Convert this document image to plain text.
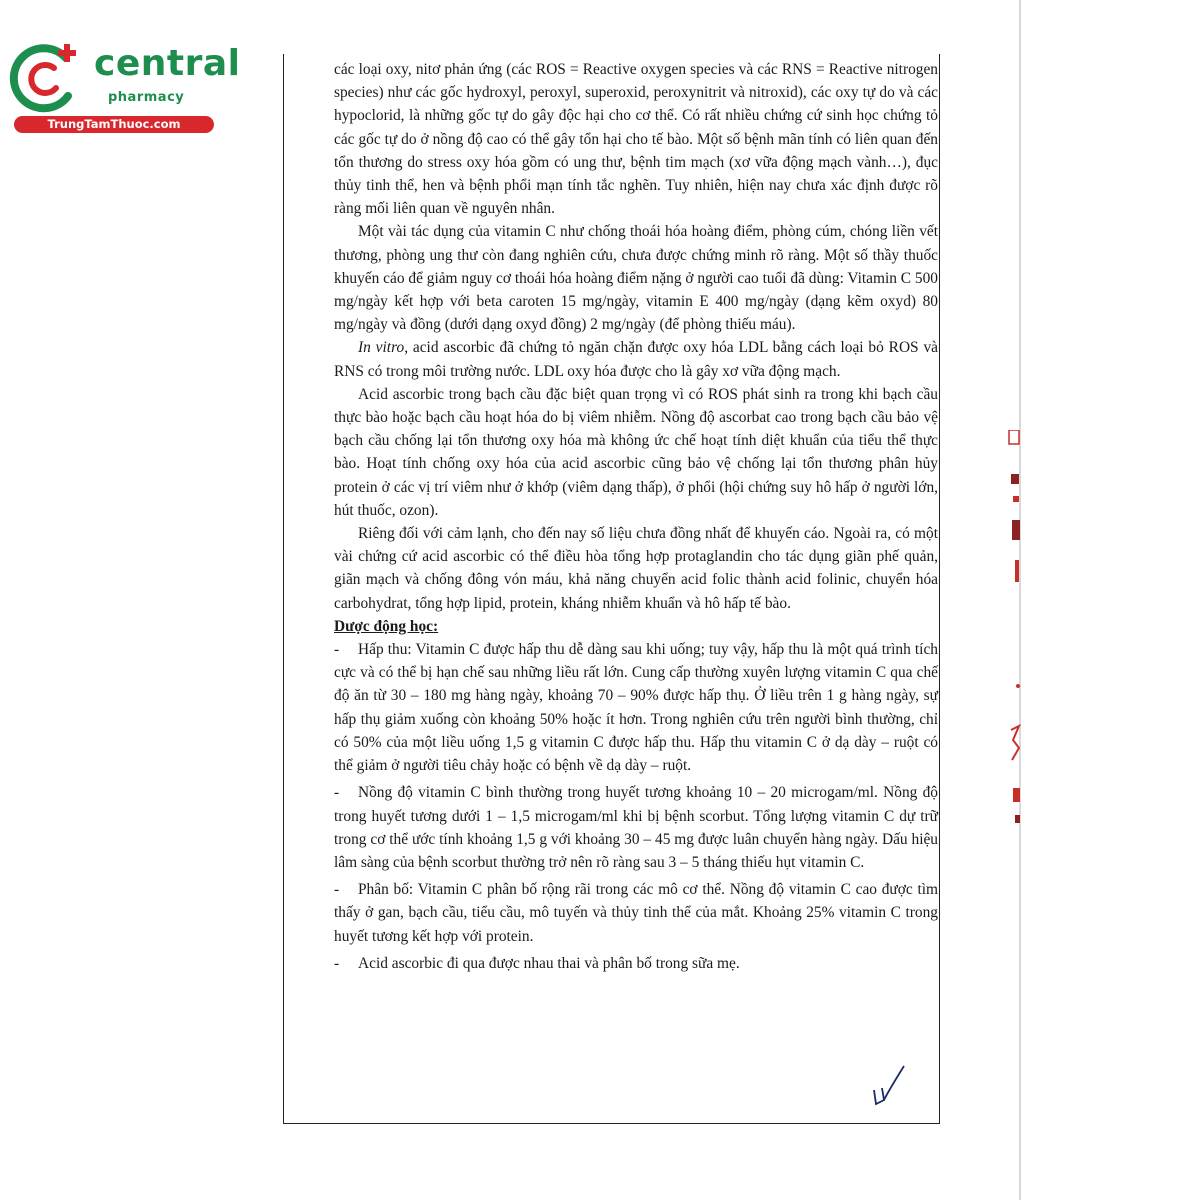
central
pharmacy
TrungTamThuoc.com

các loại oxy, nitơ phản ứng (các ROS = Reactive oxygen species và các RNS = Reactive nitrogen species) như các gốc hydroxyl, peroxyl, superoxid, peroxynitrit và nitroxid), các oxy tự do và các hypoclorid, là những gốc tự do gây độc hại cho cơ thể. Có rất nhiều chứng cứ sinh học chứng tỏ các gốc tự do ở nồng độ cao có thể gây tổn hại cho tế bào. Một số bệnh mãn tính có liên quan đến tổn thương do stress oxy hóa gồm có ung thư, bệnh tim mạch (xơ vữa động mạch vành…), đục thủy tinh thể, hen và bệnh phổi mạn tính tắc nghẽn. Tuy nhiên, hiện nay chưa xác định được rõ ràng mối liên quan về nguyên nhân.

Một vài tác dụng của vitamin C như chống thoái hóa hoàng điểm, phòng cúm, chóng liền vết thương, phòng ung thư còn đang nghiên cứu, chưa được chứng minh rõ ràng. Một số thầy thuốc khuyến cáo để giảm nguy cơ thoái hóa hoàng điểm nặng ở người cao tuổi đã dùng: Vitamin C 500 mg/ngày kết hợp với beta caroten 15 mg/ngày, vitamin E 400 mg/ngày (dạng kẽm oxyd) 80 mg/ngày và đồng (dưới dạng oxyd đồng) 2 mg/ngày (để phòng thiếu máu).

In vitro, acid ascorbic đã chứng tỏ ngăn chặn được oxy hóa LDL bằng cách loại bỏ ROS và RNS có trong môi trường nước. LDL oxy hóa được cho là gây xơ vữa động mạch.

Acid ascorbic trong bạch cầu đặc biệt quan trọng vì có ROS phát sinh ra trong khi bạch cầu thực bào hoặc bạch cầu hoạt hóa do bị viêm nhiễm. Nồng độ ascorbat cao trong bạch cầu bảo vệ bạch cầu chống lại tổn thương oxy hóa mà không ức chế hoạt tính diệt khuẩn của tiểu thể thực bào. Hoạt tính chống oxy hóa của acid ascorbic cũng bảo vệ chống lại tổn thương phân hủy protein ở các vị trí viêm như ở khớp (viêm dạng thấp), ở phổi (hội chứng suy hô hấp ở người lớn, hút thuốc, ozon).

Riêng đối với cảm lạnh, cho đến nay số liệu chưa đồng nhất để khuyến cáo. Ngoài ra, có một vài chứng cứ acid ascorbic có thể điều hòa tổng hợp protaglandin cho tác dụng giãn phế quản, giãn mạch và chống đông vón máu, khả năng chuyển acid folic thành acid folinic, chuyển hóa carbohydrat, tổng hợp lipid, protein, kháng nhiễm khuẩn và hô hấp tế bào.

Dược động học:

- Hấp thu: Vitamin C được hấp thu dễ dàng sau khi uống; tuy vậy, hấp thu là một quá trình tích cực và có thể bị hạn chế sau những liều rất lớn. Cung cấp thường xuyên lượng vitamin C qua chế độ ăn từ 30 – 180 mg hàng ngày, khoảng 70 – 90% được hấp thụ. Ở liều trên 1 g hàng ngày, sự hấp thụ giảm xuống còn khoảng 50% hoặc ít hơn. Trong nghiên cứu trên người bình thường, chỉ có 50% của một liều uống 1,5 g vitamin C được hấp thu. Hấp thu vitamin C ở dạ dày – ruột có thể giảm ở người tiêu chảy hoặc có bệnh về dạ dày – ruột.

- Nồng độ vitamin C bình thường trong huyết tương khoảng 10 – 20 microgam/ml. Nồng độ trong huyết tương dưới 1 – 1,5 microgam/ml khi bị bệnh scorbut. Tổng lượng vitamin C dự trữ trong cơ thể ước tính khoảng 1,5 g với khoảng 30 – 45 mg được luân chuyển hàng ngày. Dấu hiệu lâm sàng của bệnh scorbut thường trở nên rõ ràng sau 3 – 5 tháng thiếu hụt vitamin C.

- Phân bố: Vitamin C phân bố rộng rãi trong các mô cơ thể. Nồng độ vitamin C cao được tìm thấy ở gan, bạch cầu, tiểu cầu, mô tuyến và thủy tinh thể của mắt. Khoảng 25% vitamin C trong huyết tương kết hợp với protein.

- Acid ascorbic đi qua được nhau thai và phân bố trong sữa mẹ.
